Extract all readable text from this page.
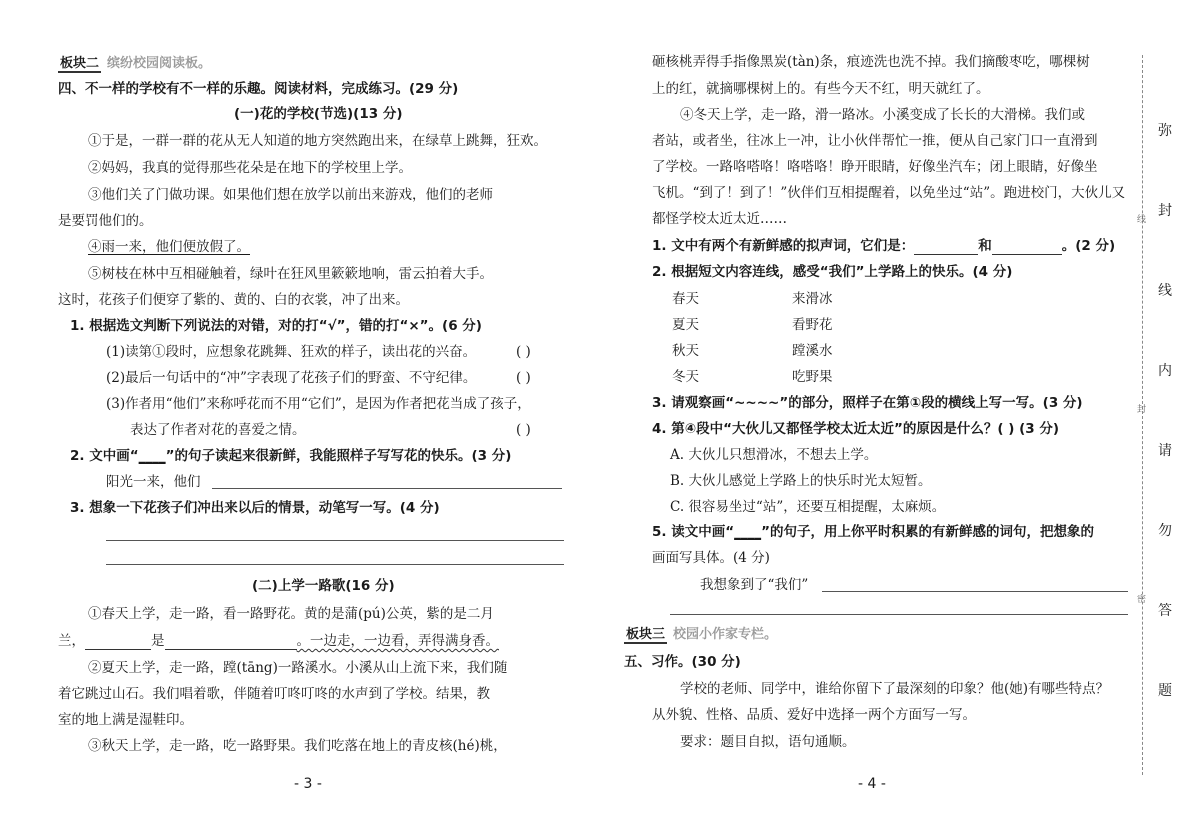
板块二 缤纷校园阅读板。
四、不一样的学校有不一样的乐趣。阅读材料，完成练习。(29 分)
(一)花的学校(节选)(13 分)
①于是，一群一群的花从无人知道的地方突然跑出来，在绿草上跳舞，狂欢。
②妈妈，我真的觉得那些花朵是在地下的学校里上学。
③他们关了门做功课。如果他们想在放学以前出来游戏，他们的老师
是要罚他们的。
④雨一来，他们便放假了。
⑤树枝在林中互相碰触着，绿叶在狂风里簌簌地响，雷云拍着大手。
这时，花孩子们便穿了紫的、黄的、白的衣裳，冲了出来。
1. 根据选文判断下列说法的对错，对的打“√”，错的打“×”。(6 分)
(1)读第①段时，应想象花跳舞、狂欢的样子，读出花的兴奋。	( )
(2)最后一句话中的“冲”字表现了花孩子们的野蛮、不守纪律。	( )
(3)作者用“他们”来称呼花而不用“它们”，是因为作者把花当成了孩子，
表达了作者对花的喜爱之情。	( )
2. 文中画“____”的句子读起来很新鲜，我能照样子写写花的快乐。(3 分)
阳光一来，他们
3. 想象一下花孩子们冲出来以后的情景，动笔写一写。(4 分)
(二)上学一路歌(16 分)
①春天上学，走一路，看一路野花。黄的是蒲(pú)公英，紫的是二月
兰，	是	。一边走，一边看，弄得满身香。
②夏天上学，走一路，蹚(tāng)一路溪水。小溪从山上流下来，我们随
着它跳过山石。我们唱着歌，伴随着叮咚叮咚的水声到了学校。结果，教
室的地上满是湿鞋印。
③秋天上学，走一路，吃一路野果。我们吃落在地上的青皮核(hé)桃，
- 3 -
砸核桃弄得手指像黑炭(tàn)条，痕迹洗也洗不掉。我们摘酸枣吃，哪棵树
上的红，就摘哪棵树上的。有些今天不红，明天就红了。
④冬天上学，走一路，滑一路冰。小溪变成了长长的大滑梯。我们或
者站，或者坐，往冰上一冲，让小伙伴帮忙一推，便从自己家门口一直滑到
了学校。一路咯嗒咯！咯嗒咯！睁开眼睛，好像坐汽车；闭上眼睛，好像坐
飞机。“到了！到了！”伙伴们互相提醒着，以免坐过“站”。跑进校门，大伙儿又
都怪学校太近太近……
1. 文中有两个有新鲜感的拟声词，它们是：	和	。(2 分)
2. 根据短文内容连线，感受“我们”上学路上的快乐。(4 分)
春天	来滑冰
夏天	看野花
秋天	蹚溪水
冬天	吃野果
3. 请观察画“~~~~”的部分，照样子在第①段的横线上写一写。(3 分)
4. 第④段中“大伙儿又都怪学校太近太近”的原因是什么？( ) (3 分)
A. 大伙儿只想滑冰，不想去上学。
B. 大伙儿感觉上学路上的快乐时光太短暂。
C. 很容易坐过“站”，还要互相提醒，太麻烦。
5. 读文中画“____”的句子，用上你平时积累的有新鲜感的词句，把想象的
画面写具体。(4 分)
我想象到了“我们”
板块三 校园小作家专栏。
五、习作。(30 分)
学校的老师、同学中，谁给你留下了最深刻的印象？他(她)有哪些特点？
从外貌、性格、品质、爱好中选择一两个方面写一写。
要求：题目自拟，语句通顺。
- 4 -
弥
封
线
内
请
勿
答
题
线
封
密
